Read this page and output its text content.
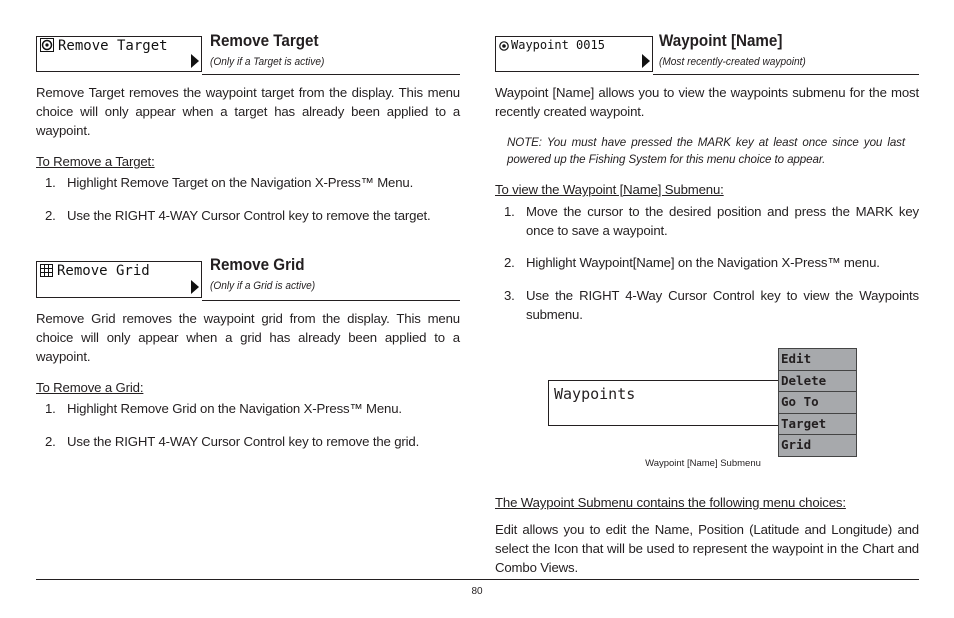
Remove Target	Remove Target
(Only if a Target is active)

Remove Target removes the waypoint target from the display. This menu choice will only appear when a target has already been applied to a waypoint.

To Remove a Target:

1. Highlight Remove Target on the Navigation X-Press™ Menu.
2. Use the RIGHT 4-WAY Cursor Control key to remove the target.
Remove Grid	Remove Grid
(Only if a Grid is active)

Remove Grid removes the waypoint grid from the display. This menu choice will only appear when a grid has already been applied to a waypoint.

To Remove a Grid:

1. Highlight Remove Grid on the Navigation X-Press™ Menu.
2. Use the RIGHT 4-WAY Cursor Control key to remove the grid.
Waypoint 0015	Waypoint [Name]
(Most recently-created waypoint)

Waypoint [Name] allows you to view the waypoints submenu for the most recently created waypoint.

NOTE: You must have pressed the MARK key at least once since you last powered up the Fishing System for this menu choice to appear.

To view the Waypoint [Name] Submenu:

1. Move the cursor to the desired position and press the MARK key once to save a waypoint.
2. Highlight Waypoint[Name] on the Navigation X-Press™ menu.
3. Use the RIGHT 4-Way Cursor Control key to view the Waypoints submenu.

The Waypoint Submenu contains the following menu choices:

Edit allows you to edit the Name, Position (Latitude and Longitude) and select the Icon that will be used to represent the waypoint in the Chart and Combo Views.

Waypoints
Edit
Delete
Go To
Target
Grid
Waypoint [Name] Submenu
80
